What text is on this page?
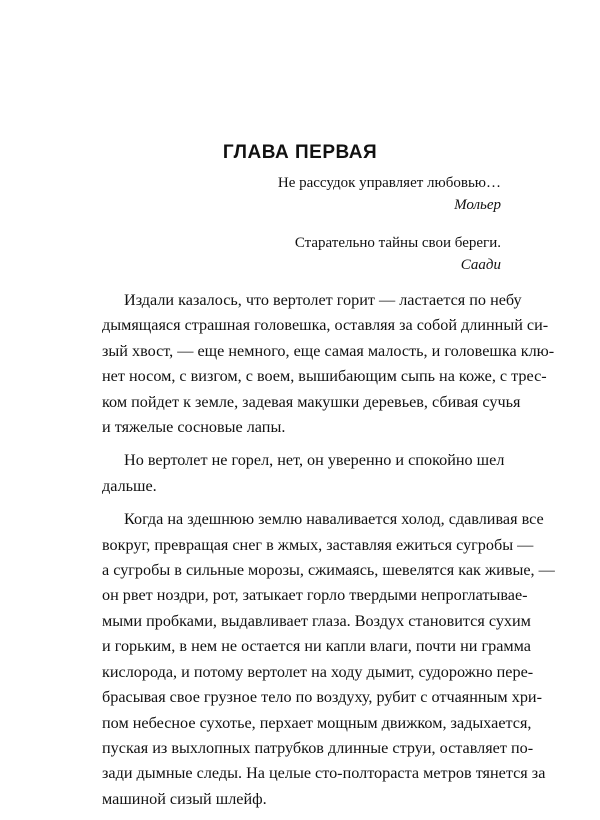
ГЛАВА ПЕРВАЯ
Не рассудок управляет любовью…
Мольер
Старательно тайны свои береги.
Саади
Издали казалось, что вертолет горит — ластается по небу
дымящаяся страшная головешка, оставляя за собой длинный си-
зый хвост, — еще немного, еще самая малость, и головешка клю-
нет носом, с визгом, с воем, вышибающим сыпь на коже, с трес-
ком пойдет к земле, задевая макушки деревьев, сбивая сучья
и тяжелые сосновые лапы.
Но вертолет не горел, нет, он уверенно и спокойно шел
дальше.
Когда на здешнюю землю наваливается холод, сдавливая все
вокруг, превращая снег в жмых, заставляя ежиться сугробы —
а сугробы в сильные морозы, сжимаясь, шевелятся как живые, —
он рвет ноздри, рот, затыкает горло твердыми непроглатывае-
мыми пробками, выдавливает глаза. Воздух становится сухим
и горьким, в нем не остается ни капли влаги, почти ни грамма
кислорода, и потому вертолет на ходу дымит, судорожно пере-
брасывая свое грузное тело по воздуху, рубит с отчаянным хри-
пом небесное сухотье, перхает мощным движком, задыхается,
пуская из выхлопных патрубков длинные струи, оставляет по-
зади дымные следы. На целые сто-полтораста метров тянется за
машиной сизый шлейф.
